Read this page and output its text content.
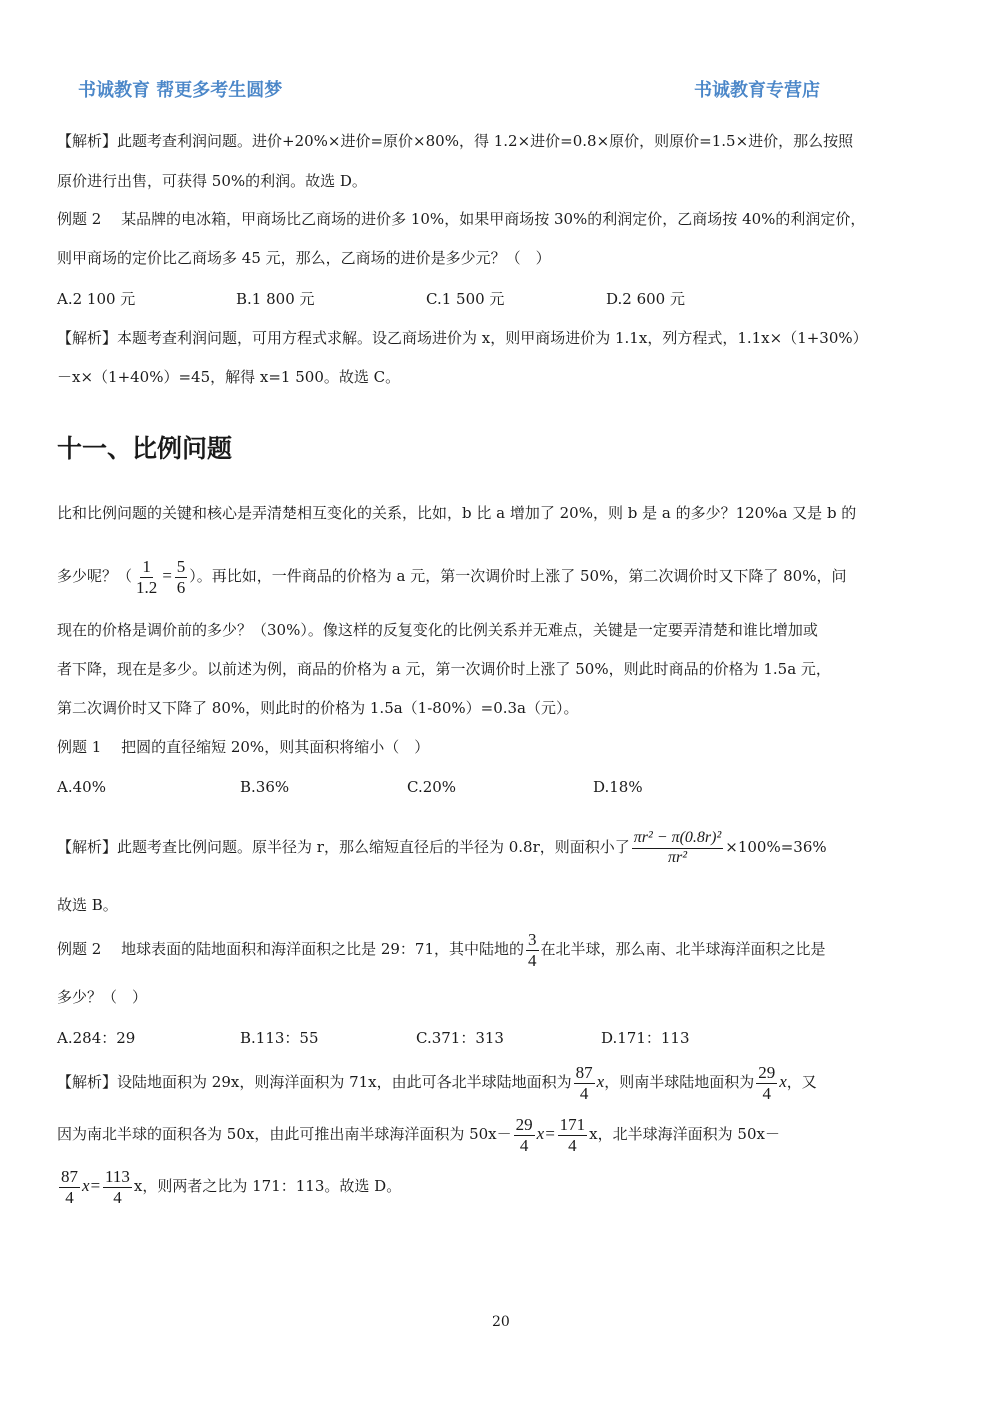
书诚教育 帮更多考生圆梦	书诚教育专营店
【解析】此题考查利润问题。进价+20%×进价=原价×80%，得 1.2×进价=0.8×原价，则原价=1.5×进价，那么按照
原价进行出售，可获得 50%的利润。故选 D。
例题 2　 某品牌的电冰箱，甲商场比乙商场的进价多 10%，如果甲商场按 30%的利润定价，乙商场按 40%的利润定价，
则甲商场的定价比乙商场多 45 元，那么，乙商场的进价是多少元？（　）
A.2 100 元	B.1 800 元	C.1 500 元	D.2 600 元
【解析】本题考查利润问题，可用方程式求解。设乙商场进价为 x，则甲商场进价为 1.1x，列方程式，1.1x×（1+30%）
－x×（1+40%）=45，解得 x=1 500。故选 C。
十一、比例问题
比和比例问题的关键和核心是弄清楚相互变化的关系，比如，b 比 a 增加了 20%，则 b 是 a 的多少？120%a 又是 b 的
多少呢？（ $\frac{1}{1.2} = \frac{5}{6}$ ）。再比如，一件商品的价格为 a 元，第一次调价时上涨了 50%，第二次调价时又下降了 80%，问
现在的价格是调价前的多少？（30%）。像这样的反复变化的比例关系并无难点，关键是一定要弄清楚和谁比增加或
者下降，现在是多少。以前述为例，商品的价格为 a 元，第一次调价时上涨了 50%，则此时商品的价格为 1.5a 元，
第二次调价时又下降了 80%，则此时的价格为 1.5a（1-80%）=0.3a（元）。
例题 1　 把圆的直径缩短 20%，则其面积将缩小（　）
A.40%	B.36%	C.20%	D.18%
【解析】此题考查比例问题。原半径为 r，那么缩短直径后的半径为 0.8r，则面积小了 $\frac{\text{πr² − π(0.8r)²}}{\text{πr²}} \times 100\%=36\%$
故选 B。
例题 2　 地球表面的陆地面积和海洋面积之比是 29：71，其中陆地的 $\frac{3}{4}$ 在北半球，那么南、北半球海洋面积之比是
多少？（　）
A.284：29	B.113：55	C.371：313	D.171：113
【解析】设陆地面积为 29x，则海洋面积为 71x，由此可各北半球陆地面积为 $\frac{87}{4}$ x，则南半球陆地面积为 $\frac{29}{4}$ x，又
因为南北半球的面积各为 50x，由此可推出南半球海洋面积为 $50x- \frac{29}{4} x= \frac{171}{4}$ x，北半球海洋面积为 50x－
$\frac{87}{4} x= \frac{113}{4}$ x，则两者之比为 171：113。故选 D。
20
